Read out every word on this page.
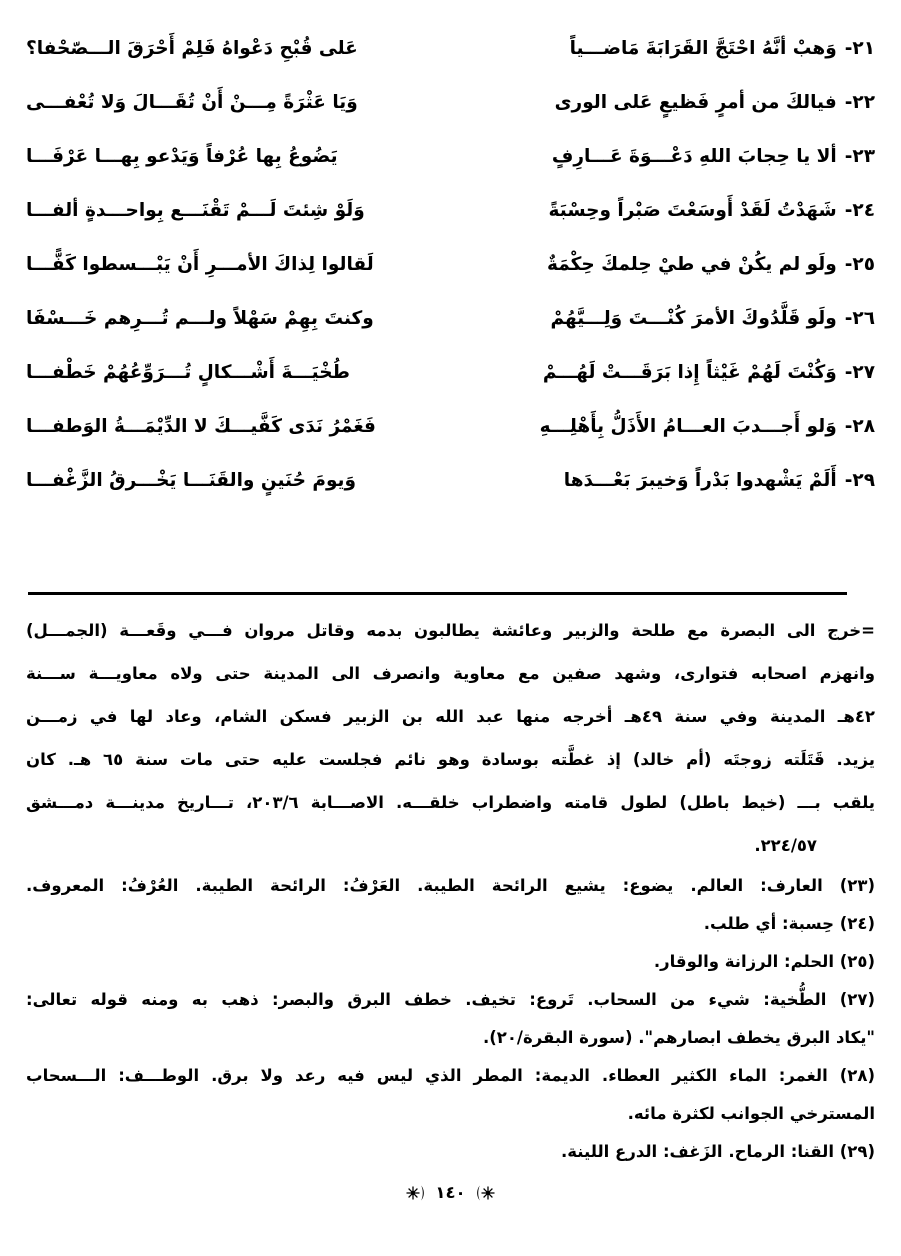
٢١-وَهبْ أنَّهُ احْتَجَّ القَرَابَةَ مَاضـــياً
عَلى قُبْحِ دَعْواهُ فَلِمْ أَحْرَقَ الـــصّحْفا؟
٢٢-فيالكَ من أمرٍ فَظيعٍ عَلى الورى
وَيَا عَثْرَةً مِـــنْ أَنْ تُقَـــالَ وَلا تُعْفـــى
٢٣-ألا يا حِجابَ اللهِ دَعْـــوَةَ عَـــارِفٍ
يَضُوعُ بِها عُرْفاً وَيَدْعو بِهـــا عَرْفَـــا
٢٤-شَهَدْتُ لَقَدْ أَوسَعْتَ صَبْراً وحِسْبَةً
وَلَوْ شِئتَ لَـــمْ تَقْنَـــع بِواحـــدةٍ ألفـــا
٢٥-ولَو لم يكُنْ في طيْ حِلمكَ حِكْمَةٌ
لَقالوا لِذاكَ الأمـــرِ أَنْ يَبْـــسطوا كَفًّـــا
٢٦-ولَو قَلَّدُوكَ الأمرَ كُنْـــتَ وَلِـــيَّهُمْ
وكنتَ بِهِمْ سَهْلاً ولـــم تُـــرِهم خَـــسْفَا
٢٧-وَكُنْتَ لَهُمْ غَيْثاً إِذا بَرَقَـــتْ لَهُـــمْ
طُخْيَـــةَ أَشْـــكالٍ تُـــرَوِّعُهُمْ خَطْفـــا
٢٨-وَلو أَجـــدبَ العـــامُ الأَذَلُّ بِأَهْلِـــهِ
فَغَمْرُ نَدَى كَفَّيـــكَ لا الدِّيْمَـــةُ الوَطفـــا
٢٩-أَلَمْ يَشْهدوا بَدْراً وَخيبرَ بَعْـــدَها
وَيومَ حُنَينٍ والقَنَـــا يَخْـــرقُ الزَّغْفـــا
=خرج الى البصرة مع طلحة والزبير وعائشة يطالبون بدمه وقاتل مروان فـــي وقَعـــة (الجمـــل)
وانهزم اصحابه فتوارى، وشهد صفين مع معاوية وانصرف الى المدينة حتى ولاه معاويـــة ســـنة
٤٢هـ المدينة وفي سنة ٤٩هـ أخرجه منها عبد الله بن الزبير فسكن الشام، وعاد لها في زمـــن
يزيد. قَتَلَته زوجتَه (أم خالد) إذ غطَّته بوسادة وهو نائم فجلست عليه حتى مات سنة ٦٥ هـ. كان
يلقب بـــ (خيط باطل) لطول قامته واضطراب خلقـــه. الاصـــابة ٢٠٣/٦، تـــاريخ مدينـــة دمـــشق
٢٢٤/٥٧.
(٢٣) العارف: العالم. يضوع: يشيع الرائحة الطيبة. العَرْفُ: الرائحة الطيبة. العُرْفُ: المعروف.
(٢٤) حِسبة: أي طلب.
(٢٥) الحلم: الرزانة والوقار.
(٢٧) الطُّخية: شيء من السحاب. تَروع: تخيف. خطف البرق والبصر: ذهب به ومنه قوله تعالى:
"يكاد البرق يخطف ابصارهم". (سورة البقرة/٢٠).
(٢٨) الغمر: الماء الكثير العطاء. الديمة: المطر الذي ليس فيه رعد ولا برق. الوطـــف: الـــسحاب
المسترخي الجوانب لكثرة مائه.
(٢٩) القنا: الرماح. الزَغف: الدرع اللينة.
١٤٠
